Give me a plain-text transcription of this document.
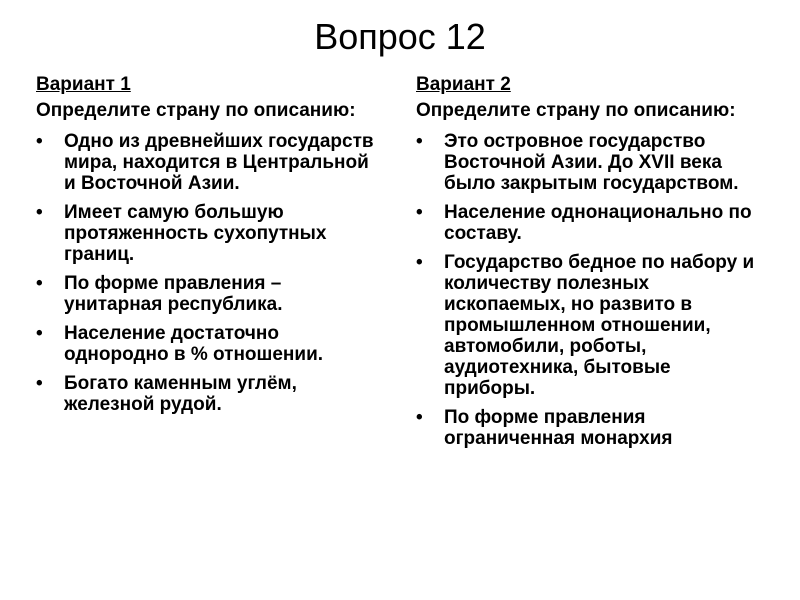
Вопрос 12
Вариант 1
Определите страну по описанию:
•	Одно из древнейших государств мира, находится в Центральной и Восточной Азии.
•	Имеет самую большую протяженность сухопутных границ.
•	По форме правления – унитарная республика.
•	Население достаточно однородно в % отношении.
•	Богато каменным углём, железной рудой.
Вариант 2
Определите страну по описанию:
•	Это островное государство Восточной Азии. До XVII века было закрытым государством.
•	Население однонационально по составу.
•	Государство бедное по набору и количеству полезных ископаемых, но развито в промышленном отношении, автомобили, роботы, аудиотехника, бытовые приборы.
•	По форме правления ограниченная монархия
